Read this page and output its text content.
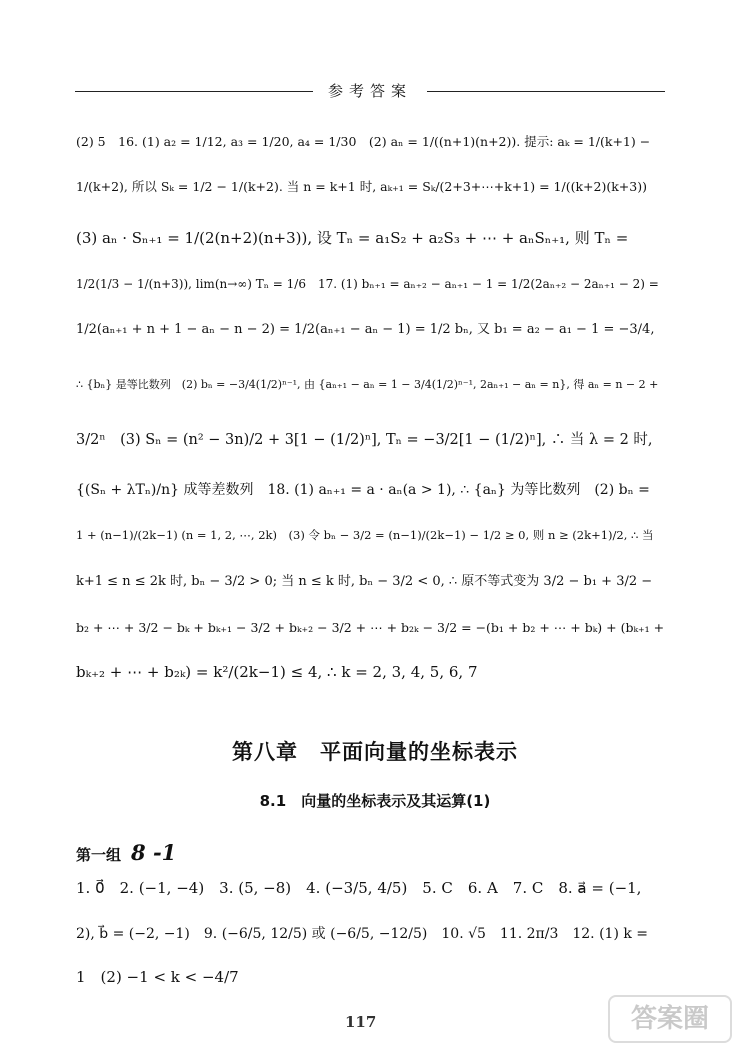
参考答案
(2) 5　16. (1) a₂ = 1/12, a₃ = 1/20, a₄ = 1/30　(2) aₙ = 1/((n+1)(n+2)). 提示: aₖ = 1/(k+1) −
1/(k+2), 所以 Sₖ = 1/2 − 1/(k+2). 当 n = k+1 时, aₖ₊₁ = Sₖ/(2+3+⋯+k+1) = 1/((k+2)(k+3))
(3) aₙ · Sₙ₊₁ = 1/(2(n+2)(n+3)), 设 Tₙ = a₁S₂ + a₂S₃ + ⋯ + aₙSₙ₊₁, 则 Tₙ =
1/2(1/3 − 1/(n+3)), lim(n→∞) Tₙ = 1/6　17. (1) bₙ₊₁ = aₙ₊₂ − aₙ₊₁ − 1 = 1/2(2aₙ₊₂ − 2aₙ₊₁ − 2) =
1/2(aₙ₊₁ + n + 1 − aₙ − n − 2) = 1/2(aₙ₊₁ − aₙ − 1) = 1/2 bₙ, 又 b₁ = a₂ − a₁ − 1 = −3/4,
∴ {bₙ} 是等比数列　(2) bₙ = −3/4(1/2)ⁿ⁻¹, 由 {aₙ₊₁ − aₙ = 1 − 3/4(1/2)ⁿ⁻¹, 2aₙ₊₁ − aₙ = n}, 得 aₙ = n − 2 +
3/2ⁿ　(3) Sₙ = (n² − 3n)/2 + 3[1 − (1/2)ⁿ], Tₙ = −3/2[1 − (1/2)ⁿ], ∴ 当 λ = 2 时,
{(Sₙ + λTₙ)/n} 成等差数列　18. (1) aₙ₊₁ = a · aₙ(a > 1), ∴ {aₙ} 为等比数列　(2) bₙ =
1 + (n−1)/(2k−1) (n = 1, 2, ⋯, 2k)　(3) 令 bₙ − 3/2 = (n−1)/(2k−1) − 1/2 ≥ 0, 则 n ≥ (2k+1)/2, ∴ 当
k+1 ≤ n ≤ 2k 时, bₙ − 3/2 > 0; 当 n ≤ k 时, bₙ − 3/2 < 0, ∴ 原不等式变为 3/2 − b₁ + 3/2 −
b₂ + ⋯ + 3/2 − bₖ + bₖ₊₁ − 3/2 + bₖ₊₂ − 3/2 + ⋯ + b₂ₖ − 3/2 = −(b₁ + b₂ + ⋯ + bₖ) + (bₖ₊₁ +
bₖ₊₂ + ⋯ + b₂ₖ) = k²/(2k−1) ≤ 4, ∴ k = 2, 3, 4, 5, 6, 7
第八章　平面向量的坐标表示
8.1　向量的坐标表示及其运算(1)
第一组 8 -1
1. 0⃗　2. (−1, −4)　3. (5, −8)　4. (−3/5, 4/5)　5. C　6. A　7. C　8. a⃗ = (−1,
2), b⃗ = (−2, −1)　9. (−6/5, 12/5) 或 (−6/5, −12/5)　10. √5　11. 2π/3　12. (1) k =
1　(2) −1 < k < −4/7
117	答案圈
